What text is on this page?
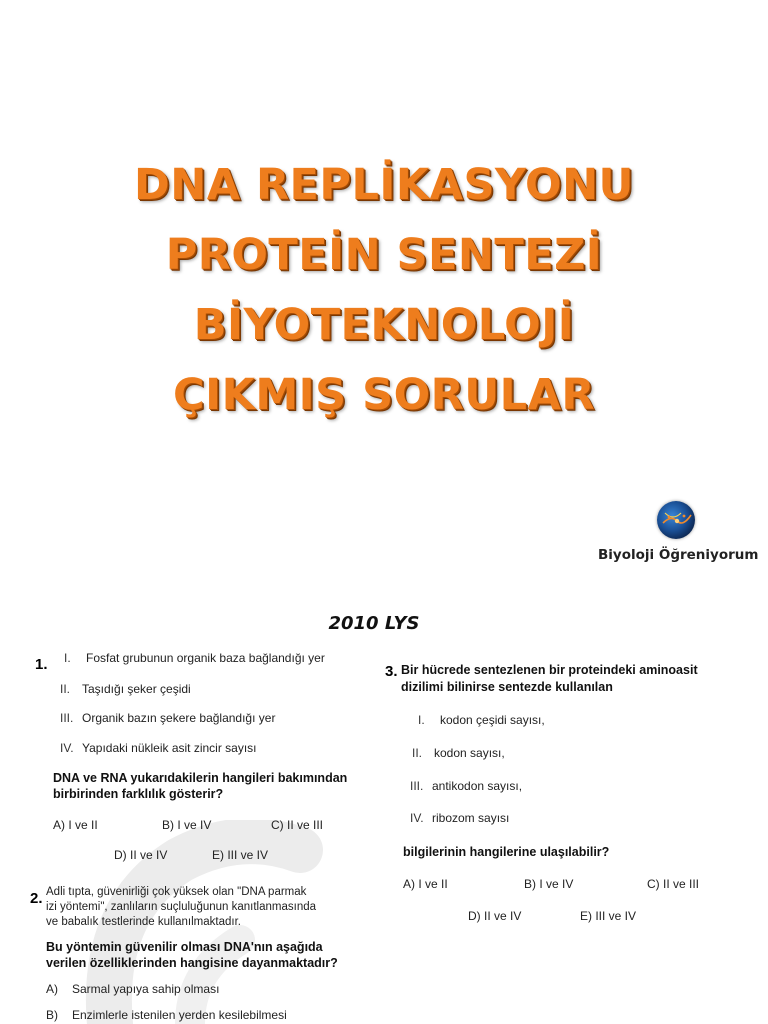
DNA REPLİKASYONU
PROTEİN SENTEZİ
BİYOTEKNOLOJİ
ÇIKMIŞ SORULAR
Biyoloji Öğreniyorum
2010 LYS
1. I. Fosfat grubunun organik baza bağlandığı yer
II. Taşıdığı şeker çeşidi
III. Organik bazın şekere bağlandığı yer
IV. Yapıdaki nükleik asit zincir sayısı
DNA ve RNA yukarıdakilerin hangileri bakımından
birbirinden farklılık gösterir?
A) I ve II	B) I ve IV	C) II ve III
D) II ve IV	E) III ve IV
2. Adli tıpta, güvenirliği çok yüksek olan "DNA parmak
izi yöntemi", zanlıların suçluluğunun kanıtlanmasında
ve babalık testlerinde kullanılmaktadır.
Bu yöntemin güvenilir olması DNA'nın aşağıda
verilen özelliklerinden hangisine dayanmaktadır?
A) Sarmal yapıya sahip olması
B) Enzimlerle istenilen yerden kesilebilmesi
3. Bir hücrede sentezlenen bir proteindeki aminoasit
dizilimi bilinirse sentezde kullanılan
I. kodon çeşidi sayısı,
II. kodon sayısı,
III. antikodon sayısı,
IV. ribozom sayısı
bilgilerinin hangilerine ulaşılabilir?
A) I ve II	B) I ve IV	C) II ve III
D) II ve IV	E) III ve IV
